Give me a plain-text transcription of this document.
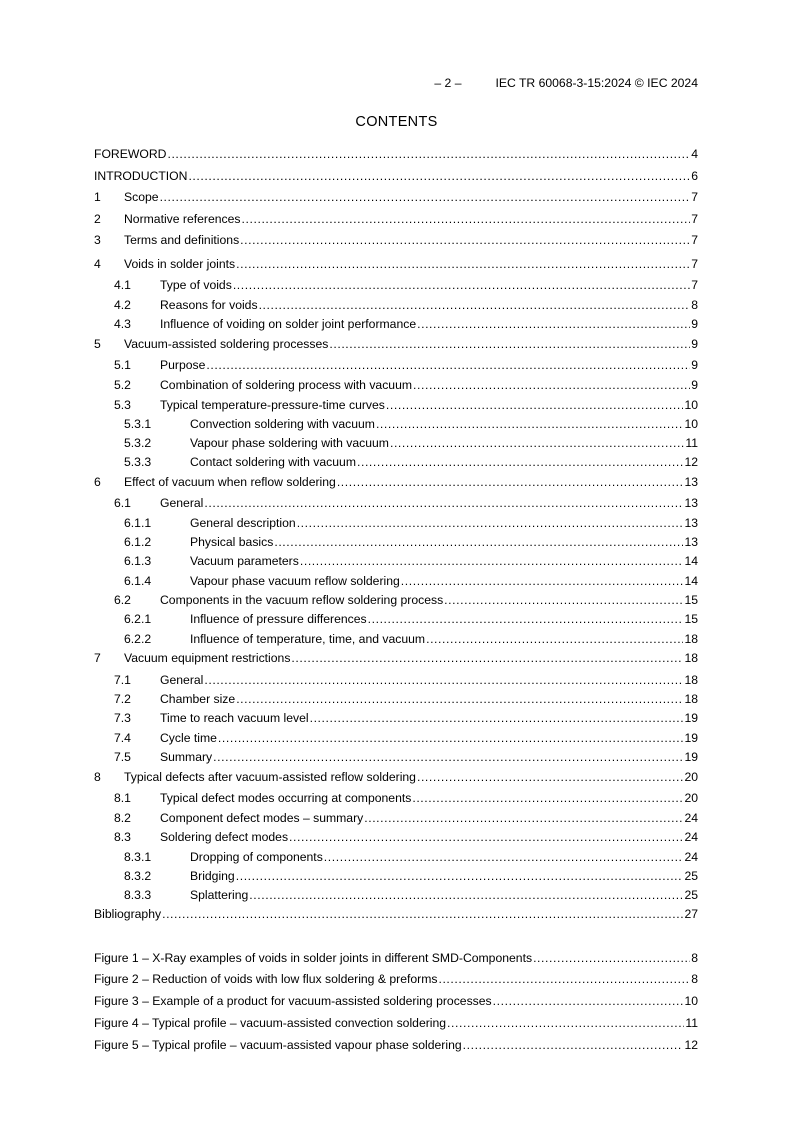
– 2 –	IEC TR 60068-3-15:2024 © IEC 2024
CONTENTS
FOREWORD .....	4
INTRODUCTION .....	6
1	Scope .....	7
2	Normative references .....	7
3	Terms and definitions .....	7
4	Voids in solder joints .....	7
4.1	Type of voids .....	7
4.2	Reasons for voids .....	8
4.3	Influence of voiding on solder joint performance .....	9
5	Vacuum-assisted soldering processes .....	9
5.1	Purpose .....	9
5.2	Combination of soldering process with vacuum .....	9
5.3	Typical temperature-pressure-time curves .....	10
5.3.1	Convection soldering with vacuum .....	10
5.3.2	Vapour phase soldering with vacuum .....	11
5.3.3	Contact soldering with vacuum .....	12
6	Effect of vacuum when reflow soldering .....	13
6.1	General .....	13
6.1.1	General description .....	13
6.1.2	Physical basics .....	13
6.1.3	Vacuum parameters .....	14
6.1.4	Vapour phase vacuum reflow soldering .....	14
6.2	Components in the vacuum reflow soldering process .....	15
6.2.1	Influence of pressure differences .....	15
6.2.2	Influence of temperature, time, and vacuum .....	18
7	Vacuum equipment restrictions .....	18
7.1	General .....	18
7.2	Chamber size .....	18
7.3	Time to reach vacuum level .....	19
7.4	Cycle time .....	19
7.5	Summary .....	19
8	Typical defects after vacuum-assisted reflow soldering .....	20
8.1	Typical defect modes occurring at components .....	20
8.2	Component defect modes – summary .....	24
8.3	Soldering defect modes .....	24
8.3.1	Dropping of components .....	24
8.3.2	Bridging .....	25
8.3.3	Splattering .....	25
Bibliography .....	27
Figure 1 – X-Ray examples of voids in solder joints in different SMD-Components .....	8
Figure 2 – Reduction of voids with low flux soldering & preforms .....	8
Figure 3 – Example of a product for vacuum-assisted soldering processes .....	10
Figure 4 – Typical profile – vacuum-assisted convection soldering .....	11
Figure 5 – Typical profile – vacuum-assisted vapour phase soldering .....	12
